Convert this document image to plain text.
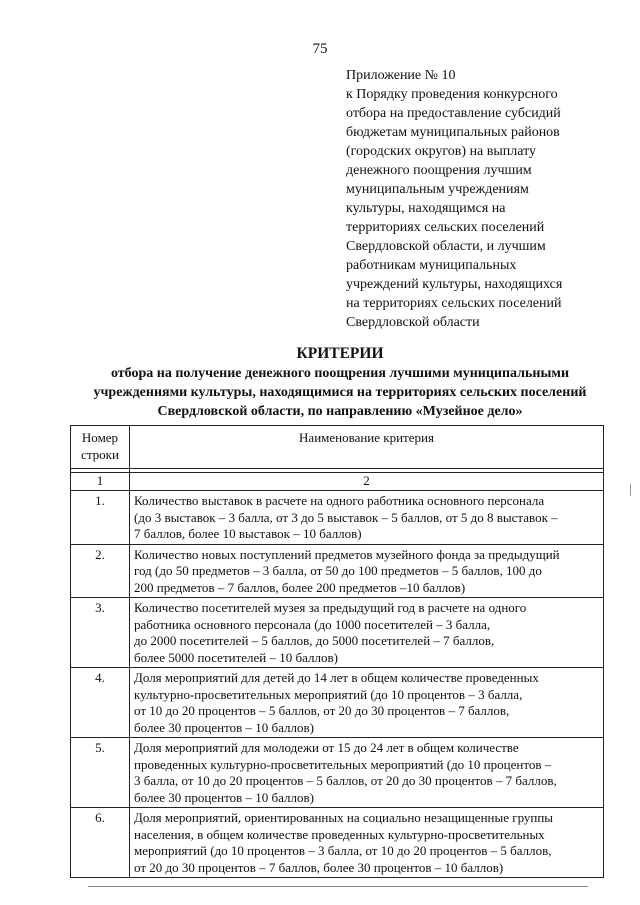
75
Приложение № 10
к Порядку проведения конкурсного
отбора на предоставление субсидий
бюджетам муниципальных районов
(городских округов) на выплату
денежного поощрения лучшим
муниципальным учреждениям
культуры, находящимся на
территориях сельских поселений
Свердловской области, и лучшим
работникам муниципальных
учреждений культуры, находящихся
на территориях сельских поселений
Свердловской области
КРИТЕРИИ
отбора на получение денежного поощрения лучшими муниципальными
учреждениями культуры, находящимися на территориях сельских поселений
Свердловской области, по направлению «Музейное дело»
Номер
строки	Наименование критерия

1	2
1.	Количество выставок в расчете на одного работника основного персонала
(до 3 выставок – 3 балла, от 3 до 5 выставок – 5 баллов, от 5 до 8 выставок –
7 баллов, более 10 выставок – 10 баллов)

2.	Количество новых поступлений предметов музейного фонда за предыдущий
год (до 50 предметов – 3 балла, от 50 до 100 предметов – 5 баллов, 100 до
200 предметов – 7 баллов, более 200 предметов –10 баллов)

3.	Количество посетителей музея за предыдущий год в расчете на одного
работника основного персонала (до 1000 посетителей – 3 балла,
до 2000 посетителей – 5 баллов, до 5000 посетителей – 7 баллов,
более 5000 посетителей – 10 баллов)

4.	Доля мероприятий для детей до 14 лет в общем количестве проведенных
культурно-просветительных мероприятий (до 10 процентов – 3 балла,
от 10 до 20 процентов – 5 баллов, от 20 до 30 процентов – 7 баллов,
более 30 процентов – 10 баллов)

5.	Доля мероприятий для молодежи от 15 до 24 лет в общем количестве
проведенных культурно-просветительных мероприятий (до 10 процентов –
3 балла, от 10 до 20 процентов – 5 баллов, от 20 до 30 процентов – 7 баллов,
более 30 процентов – 10 баллов)

6.	Доля мероприятий, ориентированных на социально незащищенные группы
населения, в общем количестве проведенных культурно-просветительных
мероприятий (до 10 процентов – 3 балла, от 10 до 20 процентов – 5 баллов,
от 20 до 30 процентов – 7 баллов, более 30 процентов – 10 баллов)
